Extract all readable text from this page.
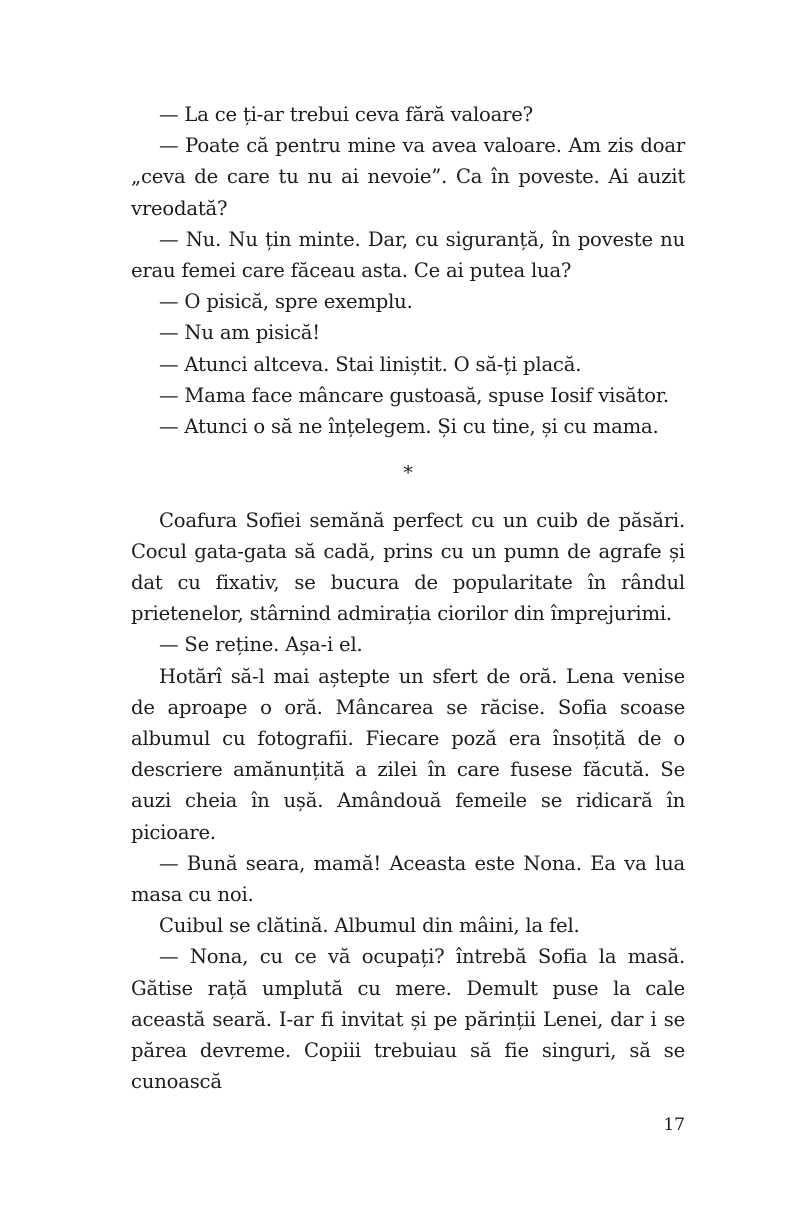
— La ce ți-ar trebui ceva fără valoare?

— Poate că pentru mine va avea valoare. Am zis doar „ceva de care tu nu ai nevoie”. Ca în poveste. Ai auzit vreodată?

— Nu. Nu țin minte. Dar, cu siguranță, în poveste nu erau femei care făceau asta. Ce ai putea lua?

— O pisică, spre exemplu.

— Nu am pisică!

— Atunci altceva. Stai liniștit. O să-ți placă.

— Mama face mâncare gustoasă, spuse Iosif visător.

— Atunci o să ne înțelegem. Și cu tine, și cu mama.

*

Coafura Sofiei semănă perfect cu un cuib de păsări. Cocul gata-gata să cadă, prins cu un pumn de agrafe și dat cu fixativ, se bucura de popularitate în rândul prietenelor, stârnind admirația ciorilor din împrejurimi.

— Se reține. Așa-i el.

Hotărî să-l mai aștepte un sfert de oră. Lena venise de aproape o oră. Mâncarea se răcise. Sofia scoase albumul cu fotografii. Fiecare poză era însoțită de o descriere amănunțită a zilei în care fusese făcută. Se auzi cheia în ușă. Amândouă femeile se ridicară în picioare.

— Bună seara, mamă! Aceasta este Nona. Ea va lua masa cu noi.

Cuibul se clătină. Albumul din mâini, la fel.

— Nona, cu ce vă ocupați? întrebă Sofia la masă. Gătise rață umplută cu mere. Demult puse la cale această seară. I-ar fi invitat și pe părinții Lenei, dar i se părea devreme. Copiii trebuiau să fie singuri, să se cunoască

17
